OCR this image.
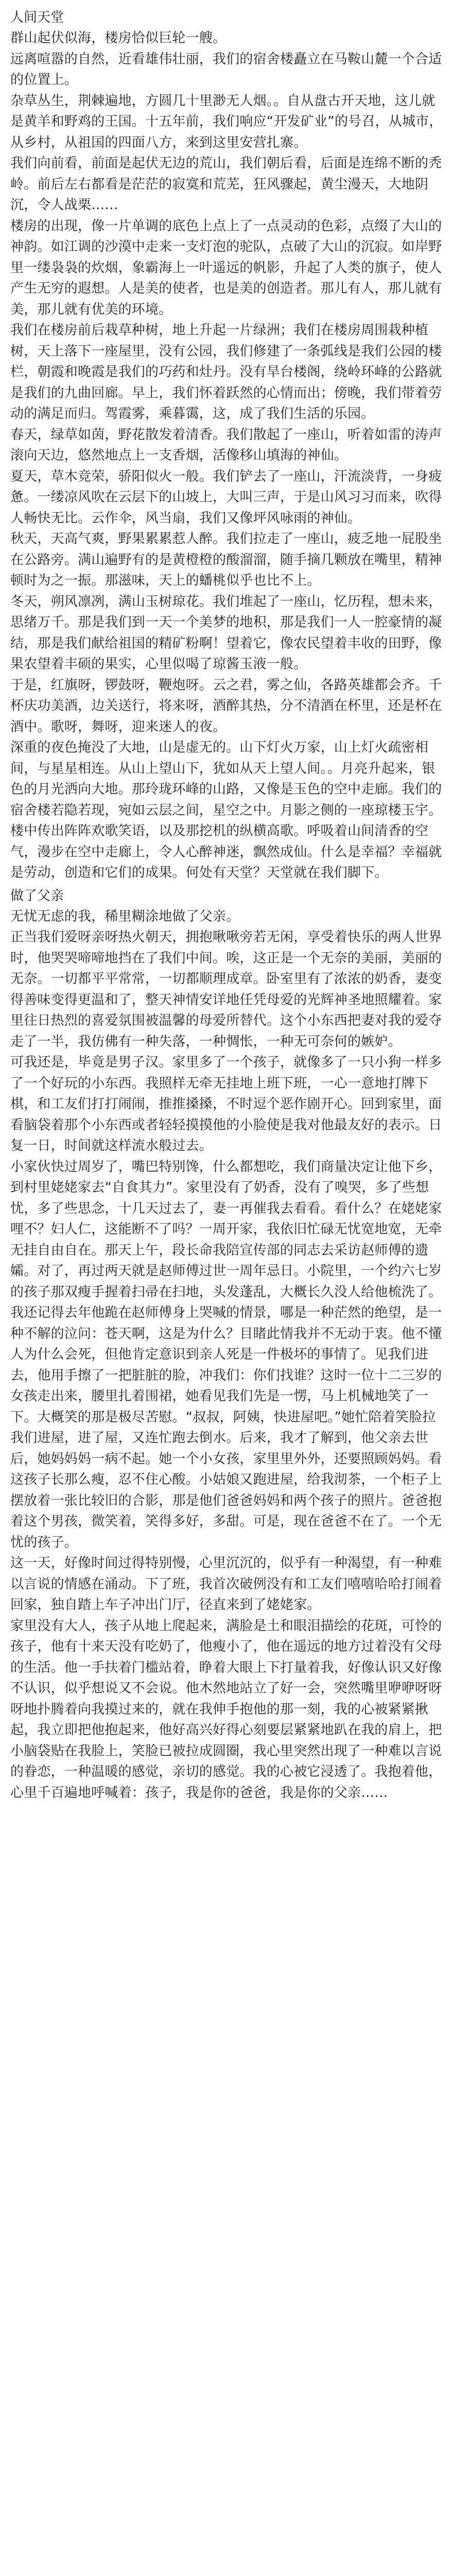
人间天堂

群山起伏似海，楼房恰似巨轮一艘。

远离喧嚣的自然，近看雄伟壮丽，我们的宿舍楼矗立在马鞍山麓一个合适的位置上。

杂草丛生，荆棘遍地，方圆几十里渺无人烟。。自从盘古开天地，这儿就是黄羊和野鸡的王国。十五年前，我们响应“开发矿业”的号召，从城市，从乡村，从祖国的四面八方，来到这里安营扎寨。

我们向前看，前面是起伏无边的荒山，我们朝后看，后面是连绵不断的秃岭。前后左右都看是茫茫的寂寞和荒芜，狂风骤起，黄尘漫天，大地阴沉，令人战栗……

楼房的出现，像一片单调的底色上点上了一点灵动的色彩，点缀了大山的神韵。如江调的沙漠中走来一支灯泡的驼队，点破了大山的沉寂。如岸野里一缕袅袅的炊烟，象霸海上一叶遥远的帆影，升起了人类的旗子，使人产生无穷的遐想。人是美的使者，也是美的创造者。那儿有人，那儿就有美，那儿就有优美的环境。

我们在楼房前后栽草种树，地上升起一片绿洲；我们在楼房周围栽种植树，天上落下一座屋里，没有公园，我们修建了一条弧线是我们公园的楼栏，朝霞和晚霞是我们的巧药和灶丹。没有旱台楼阁，绕岭环峰的公路就是我们的九曲回廊。早上，我们怀着跃然的心情而出；傍晚，我们带着劳动的满足而归。驾霞雾，乘暮霭，这，成了我们生活的乐园。

春天，绿草如茵，野花散发着清香。我们散起了一座山，听着如雷的涛声滚向天边，悠然地点上一支香烟，活像移山填海的神仙。

夏天，草木竞荣，骄阳似火一般。我们铲去了一座山，汗流淡背，一身疲惫。一缕凉风吹在云层下的山坡上，大叫三声，于是山风习习而来，吹得人畅快无比。云作伞，风当扇，我们又像坪风咏雨的神仙。

秋天，天高气爽，野果累累惹人醉。我们拉走了一座山，疲乏地一屁股坐在公路旁。满山遍野有的是黄橙橙的酸溜溜，随手摘几颗放在嘴里，精神顿时为之一振。那滋味，天上的蟠桃似乎也比不上。

冬天，朔风凛冽，满山玉树琼花。我们堆起了一座山，忆历程，想未来，思绪万千。那是我们到一天一个美梦的地积，那是我们一人一腔豪情的凝结，那是我们献给祖国的精矿粉啊！望着它，像农民望着丰收的田野，像果农望着丰硕的果实，心里似喝了琼酱玉液一般。

于是，红旗呀，锣鼓呀，鞭炮呀。云之君，雾之仙，各路英雄都会齐。千杯庆功美酒，边关送行，将来呀，酒醉其热，分不清酒在杯里，还是杯在酒中。歌呀，舞呀，迎来迷人的夜。

深重的夜色掩没了大地，山是虚无的。山下灯火万家，山上灯火疏密相间，与星星相连。从山上望山下，犹如从天上望人间。。月亮升起来，银色的月光洒向大地。那玲珑环峰的山路，又像是玉色的空中走廊。我们的宿舍楼若隐若现，宛如云层之间，星空之中。月影之侧的一座琼楼玉宇。楼中传出阵阵欢歌笑语，以及那挖机的纵横高歌。呼吸着山间清香的空气，漫步在空中走廊上，令人心醉神迷，飘然成仙。什么是幸福？幸福就是劳动，创造和它们的成果。何处有天堂？天堂就在我们脚下。

做了父亲

无忧无虑的我，稀里糊涂地做了父亲。

正当我们爱呀亲呀热火朝天，拥抱啾啾旁若无闲，享受着快乐的两人世界时，他哭哭啼啼地挡在了我们中间。唉，这正是一个无奈的美丽，美丽的无奈。一切都平平常常，一切都顺理成章。卧室里有了浓浓的奶香，妻变得善味变得更温和了，整天神情安详地任凭母爱的光辉神圣地照耀着。家里往日热烈的喜爱氛围被温馨的母爱所替代。这个小东西把妻对我的爱夺走了一半，我仿佛有一种失落，一种惆怅，一种无可奈何的嫉妒。

可我还是，毕竟是男子汉。家里多了一个孩子，就像多了一只小狗一样多了一个好玩的小东西。我照样无牵无挂地上班下班，一心一意地打牌下棋，和工友们打打闹闹，推推搡搡，不时逗个恶作剧开心。回到家里，面看脑袋着那个小东西或者轻轻摸摸他的小脸使是我对他最友好的表示。日复一日，时间就这样流水般过去。

小家伙快过周岁了，嘴巴特别馋，什么都想吃，我们商量决定让他下乡，到村里姥姥家去“自食其力”。家里没有了奶香，没有了嗅哭，多了些想忧，多了些思念，十几天过去了，妻一再催我去看看。看什么？在姥姥家哩不？妇人仁，这能断不了吗？一周开家，我依旧忙碌无忧宽地宽，无牵无挂自由自在。那天上午，段长命我陪宣传部的同志去采访赵师傅的遗孀。对了，再过两天就是赵师傅过世一周年忌日。小院里，一个约六七岁的孩子那双瘦手握着扫帚在扫地，头发蓬乱，大概长久没人给他梳洗了。我还记得去年他跪在赵师傅身上哭喊的情景，哪是一种茫然的绝望，是一种不解的泣问：苍天啊，这是为什么？目睹此情我并不无动于衷。他不懂人为什么会死，但他肯定意识到亲人死是一件极坏的事情了。见我们进去，他用手擦了一把脏脏的脸，冲我们：你们找谁？这时一位十二三岁的女孩走出来，腰里扎着围裙，她看见我们先是一愣，马上机械地笑了一下。大概笑的那是极尽苦慰。“叔叔，阿姨，快进屋吧。”她忙陪着笑脸拉我们进屋，进了屋，又连忙跑去倒水。后来，我才了解到，他父亲去世后，她妈妈妈一病不起。她一个小女孩，家里里外外，还要照顾妈妈。看这孩子长那么瘦，忍不住心酸。小姑娘又跑进屋，给我沏茶，一个柜子上摆放着一张比较旧的合影，那是他们爸爸妈妈和两个孩子的照片。爸爸抱着这个男孩，微笑着，笑得多好，多甜。可是，现在爸爸不在了。一个无忧的孩子。

这一天，好像时间过得特别慢，心里沉沉的，似乎有一种渴望，有一种难以言说的情感在涌动。下了班，我首次破例没有和工友们嘻嘻哈哈打闹着回家，独自踏上车子冲出门厅，径直来到了姥姥家。

家里没有大人，孩子从地上爬起来，满脸是土和眼泪描绘的花斑，可怜的孩子，他有十来天没有吃奶了，他瘦小了，他在遥远的地方过着没有父母的生活。他一手扶着门槛站着，睁着大眼上下打量着我，好像认识又好像不认识，似乎想说又不会说。他木然地站立了好一会，突然嘴里咿咿呀呀呀地扑腾着向我摸过来的，就在我伸手抱他的那一刻，我的心被紧紧揪起，我立即把他抱起来，他好高兴好得心刻要层紧紧地趴在我的肩上，把小脑袋贴在我脸上，笑脸已被拉成圆圈，我心里突然出现了一种难以言说的眷恋，一种温暖的感觉，亲切的感觉。我的心被它浸透了。我抱着他，心里千百遍地呼喊着：孩子，我是你的爸爸，我是你的父亲……
